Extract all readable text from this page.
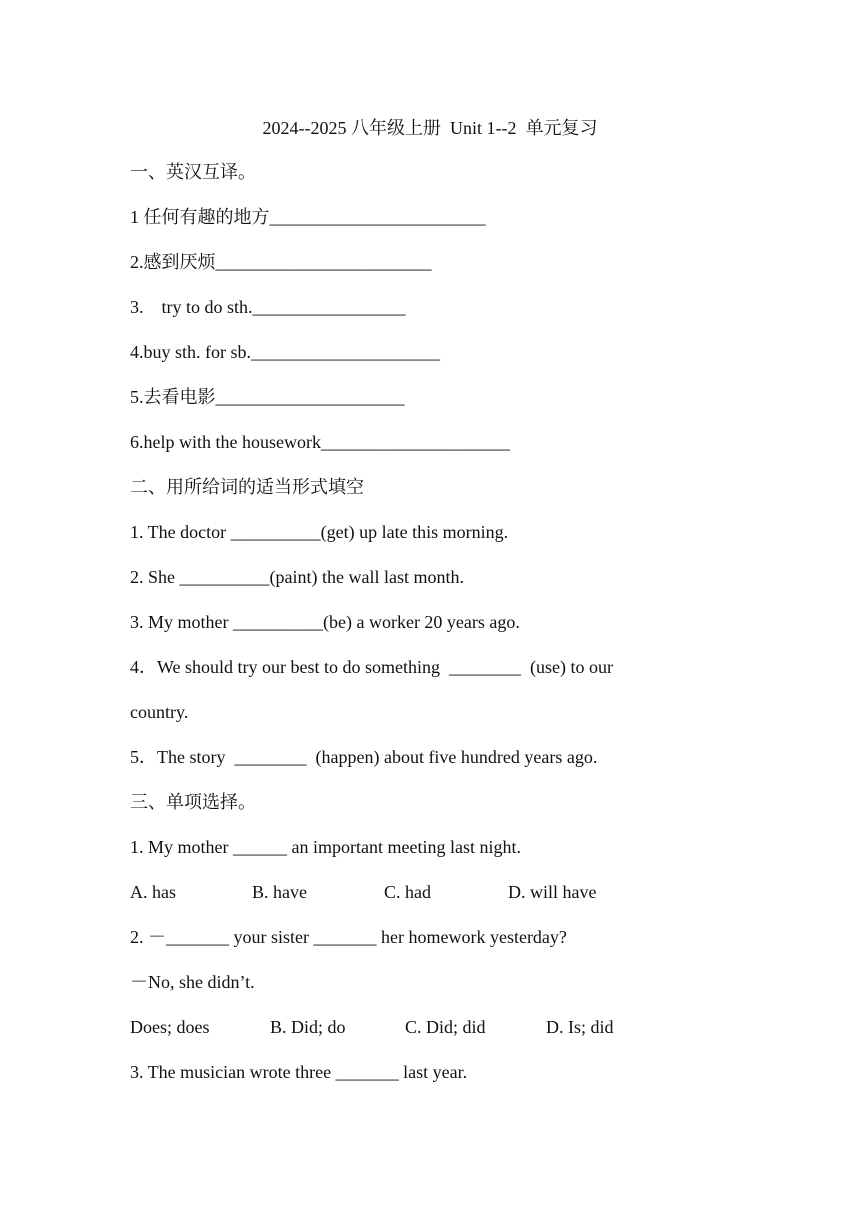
2024--2025 八年级上册  Unit 1--2  单元复习
一、英汉互译。
1 任何有趣的地方________________________
2.感到厌烦________________________
3.    try to do sth._________________
4.buy sth. for sb._____________________
5.去看电影_____________________
6.help with the housework_____________________
二、用所给词的适当形式填空
1. The doctor __________(get) up late this morning.
2. She __________(paint) the wall last month.
3. My mother __________(be) a worker 20 years ago.
4．We should try our best to do something  ________  (use) to our
country.
5．The story  ________  (happen) about five hundred years ago.
三、单项选择。
1. My mother ______ an important meeting last night.
A. has	B. have	C. had	D. will have
2. －_______ your sister _______ her homework yesterday?
－No, she didn’t.
Does; does	B. Did; do	C. Did; did	D. Is; did
3. The musician wrote three _______ last year.
